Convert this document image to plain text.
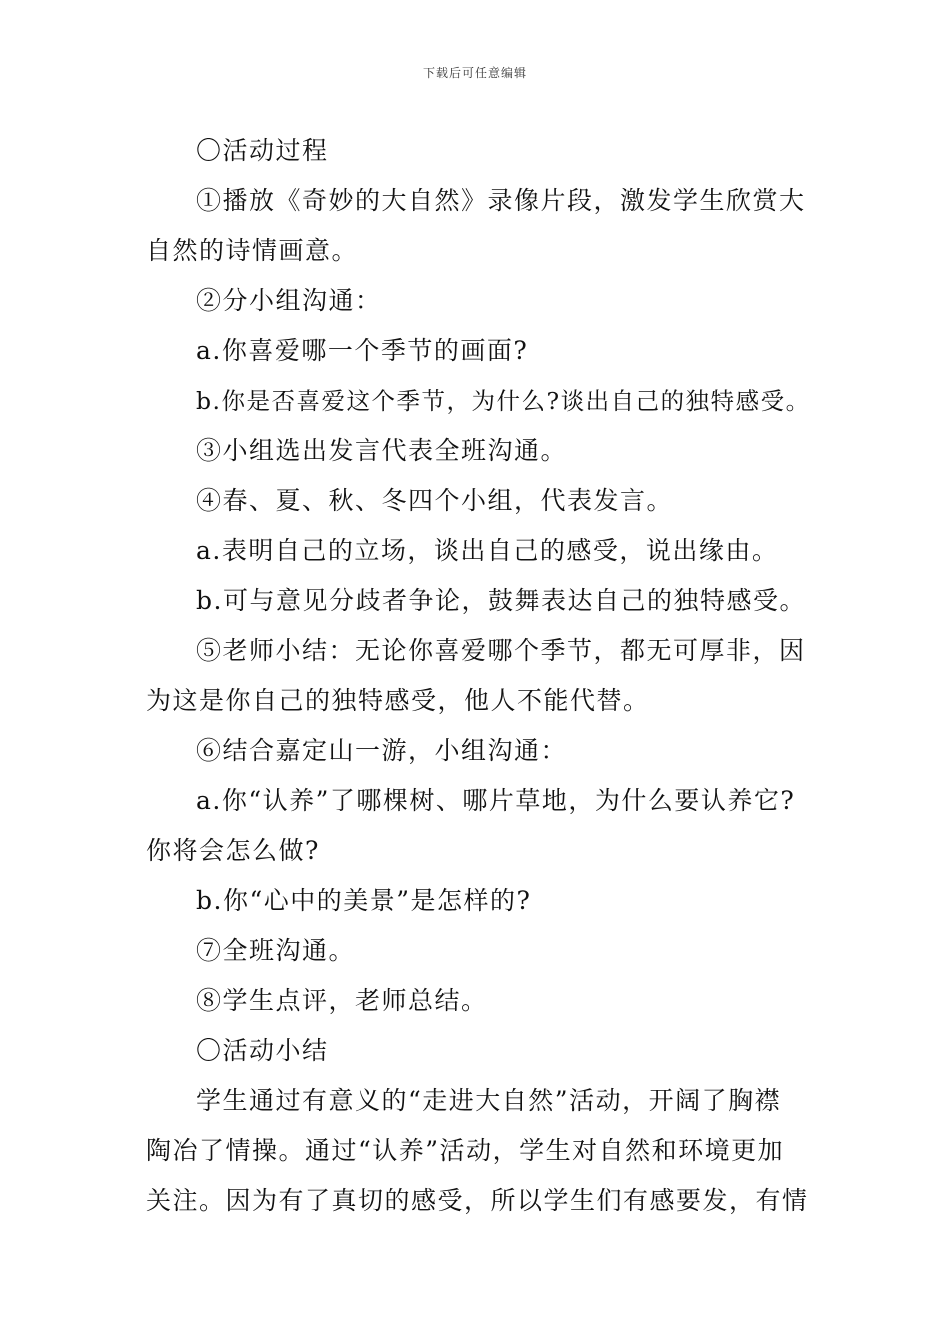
下载后可任意编辑

〇活动过程

①播放《奇妙的大自然》录像片段，激发学生欣赏大

自然的诗情画意。

②分小组沟通：

a.你喜爱哪一个季节的画面?

b.你是否喜爱这个季节，为什么?谈出自己的独特感受。

③小组选出发言代表全班沟通。

④春、夏、秋、冬四个小组，代表发言。

a.表明自己的立场，谈出自己的感受，说出缘由。

b.可与意见分歧者争论，鼓舞表达自己的独特感受。

⑤老师小结：无论你喜爱哪个季节，都无可厚非，因

为这是你自己的独特感受，他人不能代替。

⑥结合嘉定山一游，小组沟通：

a.你“认养”了哪棵树、哪片草地，为什么要认养它?

你将会怎么做?

b.你“心中的美景”是怎样的?

⑦全班沟通。

⑧学生点评，老师总结。

〇活动小结

学生通过有意义的“走进大自然”活动，开阔了胸襟

陶冶了情操。通过“认养”活动，学生对自然和环境更加

关注。因为有了真切的感受，所以学生们有感要发，有情
